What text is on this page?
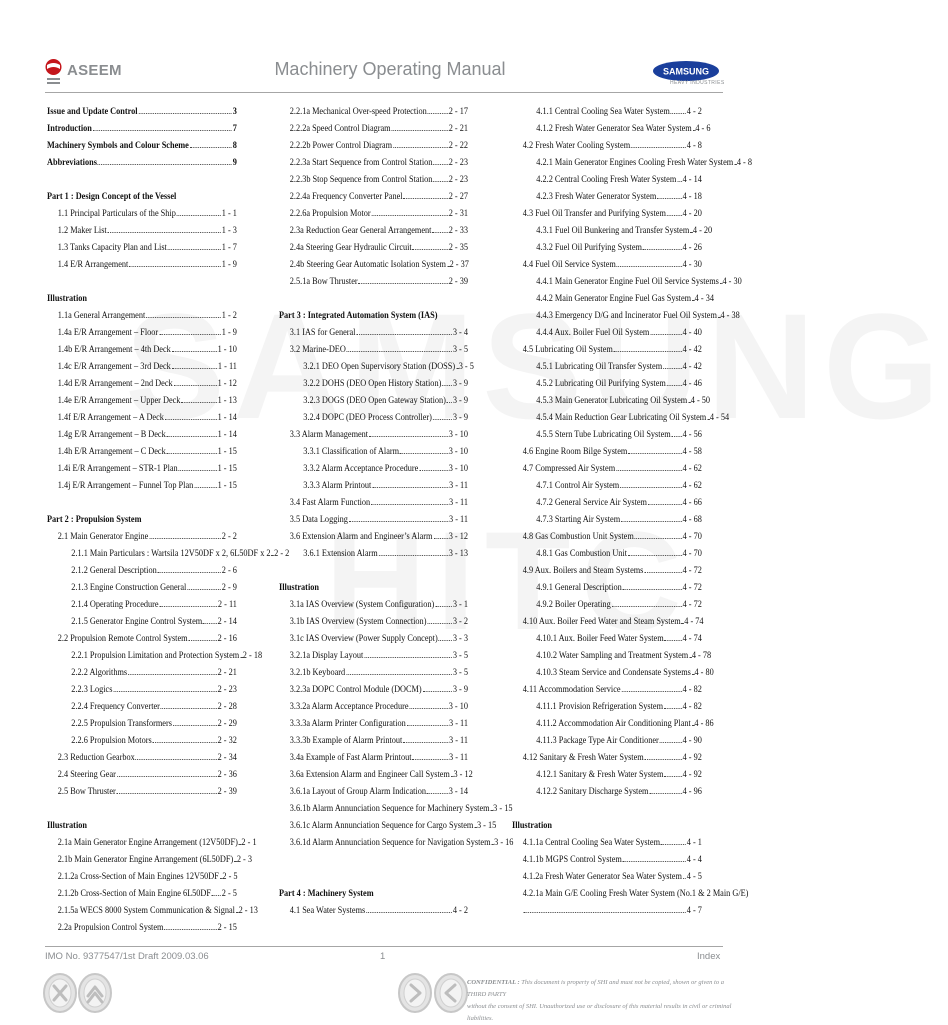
ASEEM	Machinery Operating Manual	SAMSUNG
HEAVY INDUSTRIES
Issue and Update Control	3
Introduction	7
Machinery Symbols and Colour Scheme	8
Abbreviations	9
Part 1 : Design Concept of the Vessel
1.1 Principal Particulars of the Ship	1 - 1
1.2 Maker List	1 - 3
1.3 Tanks Capacity Plan and List	1 - 7
1.4 E/R Arrangement	1 - 9
Illustration
1.1a General Arrangement	1 - 2
1.4a E/R Arrangement – Floor	1 - 9
1.4b E/R Arrangement – 4th Deck	1 - 10
1.4c E/R Arrangement – 3rd Deck	1 - 11
1.4d E/R Arrangement – 2nd Deck	1 - 12
1.4e E/R Arrangement – Upper Deck	1 - 13
1.4f E/R Arrangement – A Deck	1 - 14
1.4g E/R Arrangement – B Deck	1 - 14
1.4h E/R Arrangement – C Deck	1 - 15
1.4i E/R Arrangement – STR-1 Plan	1 - 15
1.4j E/R Arrangement – Funnel Top Plan	1 - 15
Part 2 : Propulsion System
2.1 Main Generator Engine	2 - 2
2.1.1 Main Particulars : Wartsila 12V50DF x 2, 6L50DF x 2 2 - 2
2.1.2 General Description	2 - 6
2.1.3 Engine Construction General	2 - 9
2.1.4 Operating Procedure	2 - 11
2.1.5 Generator Engine Control System 2 - 14
2.2 Propulsion Remote Control System	2 - 16
2.2.1 Propulsion Limitation and Protection System 2 - 18
2.2.2 Algorithms	2 - 21
2.2.3 Logics	2 - 23
2.2.4 Frequency Converter	2 - 28
2.2.5 Propulsion Transformers	2 - 29
2.2.6 Propulsion Motors	2 - 32
2.3 Reduction Gearbox	2 - 34
2.4 Steering Gear	2 - 36
2.5 Bow Thruster	2 - 39
Illustration
2.1a Main Generator Engine Arrangement (12V50DF) 2 - 1
2.1b Main Generator Engine Arrangement (6L50DF) 2 - 3
2.1.2a Cross-Section of Main Engines 12V50DF 2 - 5
2.1.2b Cross-Section of Main Engine 6L50DF 2 - 5
2.1.5a WECS 8000 System Communication & Signal 2 - 13
2.2a Propulsion Control System	2 - 15
2.2.1a Mechanical Over-speed Protection 2 - 17
2.2.2a Speed Control Diagram	2 - 21
2.2.2b Power Control Diagram	2 - 22
2.2.3a Start Sequence from Control Station 2 - 23
2.2.3b Stop Sequence from Control Station 2 - 23
2.2.4a Frequency Converter Panel	2 - 27
2.2.6a Propulsion Motor	2 - 31
2.3a Reduction Gear General Arrangement 2 - 33
2.4a Steering Gear Hydraulic Circuit	2 - 35
2.4b Steering Gear Automatic Isolation System 2 - 37
2.5.1a Bow Thruster	2 - 39
Part 3 : Integrated Automation System (IAS)
3.1 IAS for General	3 - 4
3.2 Marine-DEO	3 - 5
3.2.1 DEO Open Supervisory Station (DOSS) 3 - 5
3.2.2 DOHS (DEO Open History Station) 3 - 9
3.2.3 DOGS (DEO Open Gateway Station) 3 - 9
3.2.4 DOPC (DEO Process Controller) 3 - 9
3.3 Alarm Management	3 - 10
3.3.1 Classification of Alarm	3 - 10
3.3.2 Alarm Acceptance Procedure	3 - 10
3.3.3 Alarm Printout	3 - 11
3.4 Fast Alarm Function	3 - 11
3.5 Data Logging	3 - 11
3.6 Extension Alarm and Engineer’s Alarm 3 - 12
3.6.1 Extension Alarm	3 - 13
Illustration
3.1a IAS Overview (System Configuration) 3 - 1
3.1b IAS Overview (System Connection)	3 - 2
3.1c IAS Overview (Power Supply Concept) 3 - 3
3.2.1a Display Layout	3 - 5
3.2.1b Keyboard	3 - 5
3.2.3a DOPC Control Module (DOCM)	3 - 9
3.3.2a Alarm Acceptance Procedure	3 - 10
3.3.3a Alarm Printer Configuration	3 - 11
3.3.3b Example of Alarm Printout	3 - 11
3.4a Example of Fast Alarm Printout	3 - 11
3.6a Extension Alarm and Engineer Call System 3 - 12
3.6.1a Layout of Group Alarm Indication 3 - 14
3.6.1b Alarm Annunciation Sequence for Machinery System 3 - 15
3.6.1c Alarm Annunciation Sequence for Cargo System 3 - 15
3.6.1d Alarm Annunciation Sequence for Navigation System 3 - 16
Part 4 : Machinery System
4.1 Sea Water Systems	4 - 2
4.1.1 Central Cooling Sea Water System 4 - 2
4.1.2 Fresh Water Generator Sea Water System 4 - 6
4.2 Fresh Water Cooling System	4 - 8
4.2.1 Main Generator Engines Cooling Fresh Water System 4 - 8
4.2.2 Central Cooling Fresh Water System 4 - 14
4.2.3 Fresh Water Generator System	4 - 18
4.3 Fuel Oil Transfer and Purifying System 4 - 20
4.3.1 Fuel Oil Bunkering and Transfer System 4 - 20
4.3.2 Fuel Oil Purifying System	4 - 26
4.4 Fuel Oil Service System	4 - 30
4.4.1 Main Generator Engine Fuel Oil Service Systems 4 - 30
4.4.2 Main Generator Engine Fuel Gas System 4 - 34
4.4.3 Emergency D/G and Incinerator Fuel Oil System 4 - 38
4.4.4 Aux. Boiler Fuel Oil System	4 - 40
4.5 Lubricating Oil System	4 - 42
4.5.1 Lubricating Oil Transfer System 4 - 42
4.5.2 Lubricating Oil Purifying System 4 - 46
4.5.3 Main Generator Lubricating Oil System 4 - 50
4.5.4 Main Reduction Gear Lubricating Oil System 4 - 54
4.5.5 Stern Tube Lubricating Oil System 4 - 56
4.6 Engine Room Bilge System	4 - 58
4.7 Compressed Air System	4 - 62
4.7.1 Control Air System	4 - 62
4.7.2 General Service Air System	4 - 66
4.7.3 Starting Air System	4 - 68
4.8 Gas Combustion Unit System	4 - 70
4.8.1 Gas Combustion Unit	4 - 70
4.9 Aux. Boilers and Steam Systems	4 - 72
4.9.1 General Description	4 - 72
4.9.2 Boiler Operating	4 - 72
4.10 Aux. Boiler Feed Water and Steam System 4 - 74
4.10.1 Aux. Boiler Feed Water System 4 - 74
4.10.2 Water Sampling and Treatment System 4 - 78
4.10.3 Steam Service and Condensate Systems 4 - 80
4.11 Accommodation Service	4 - 82
4.11.1 Provision Refrigeration System 4 - 82
4.11.2 Accommodation Air Conditioning Plant 4 - 86
4.11.3 Package Type Air Conditioner	4 - 90
4.12 Sanitary & Fresh Water System	4 - 92
4.12.1 Sanitary & Fresh Water System 4 - 92
4.12.2 Sanitary Discharge System	4 - 96
Illustration
4.1.1a Central Cooling Sea Water System	4 - 1
4.1.1b MGPS Control System	4 - 4
4.1.2a Fresh Water Generator Sea Water System 4 - 5
4.2.1a Main G/E Cooling Fresh Water System (No.1 & 2 Main G/E)
4 - 7
IMO No. 9377547/1st Draft 2009.03.06	1	Index
CONFIDENTIAL : This document is property of SHI and must not be copied, shown or given to a THIRD PARTY
without the consent of SHI. Unauthorized use or disclosure of this material results in civil or criminal liabilities.
